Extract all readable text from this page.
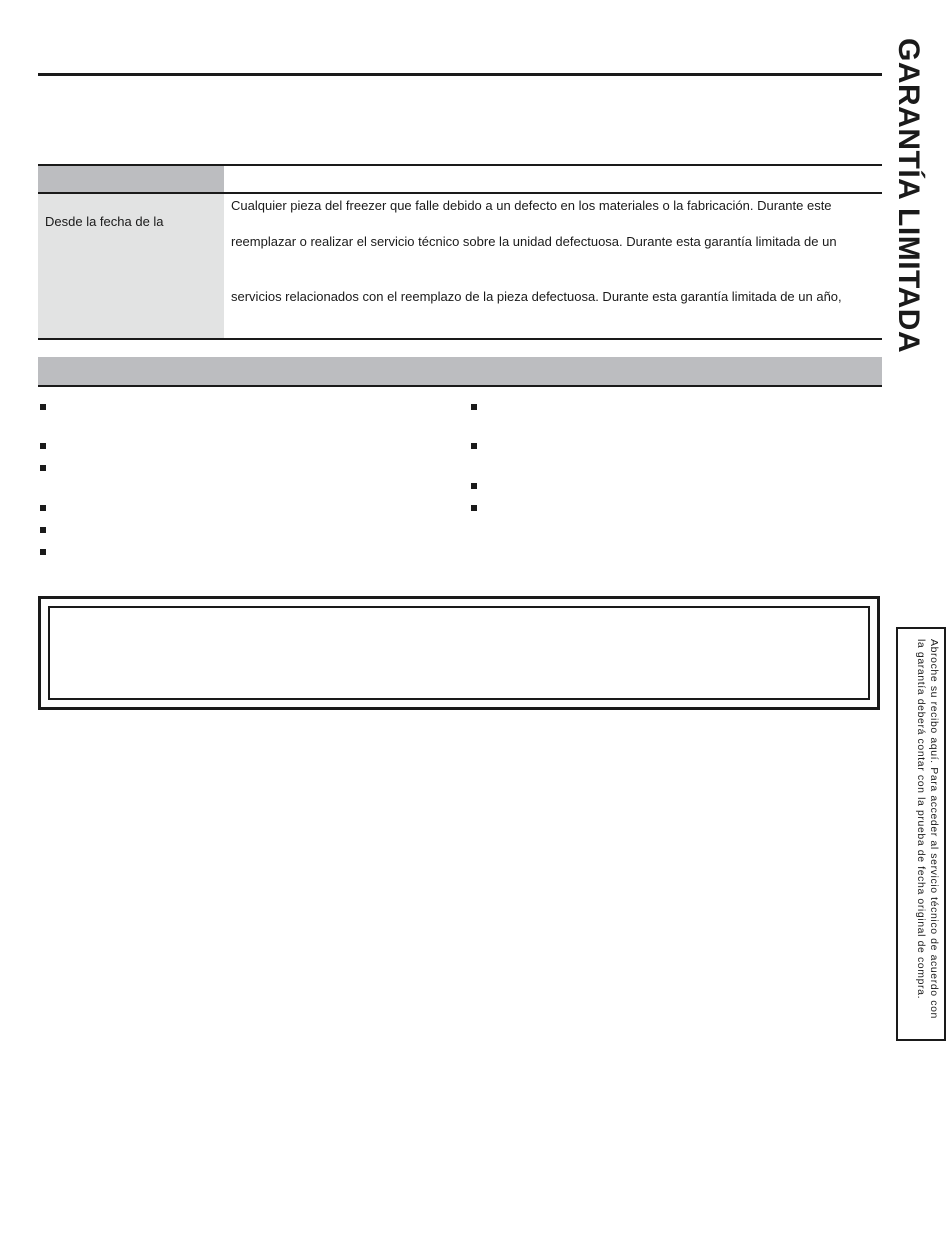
GARANTÍA LIMITADA
Desde la fecha de la
Cualquier pieza del freezer que falle debido a un defecto en los materiales o la fabricación. Durante este
reemplazar o realizar el servicio técnico sobre la unidad defectuosa. Durante esta garantía limitada de un
servicios relacionados con el reemplazo de la pieza defectuosa. Durante esta garantía limitada de un año,
Abroche su recibo aquí. Para acceder al servicio técnico de acuerdo con la garantía deberá contar con la prueba de fecha original de compra.
